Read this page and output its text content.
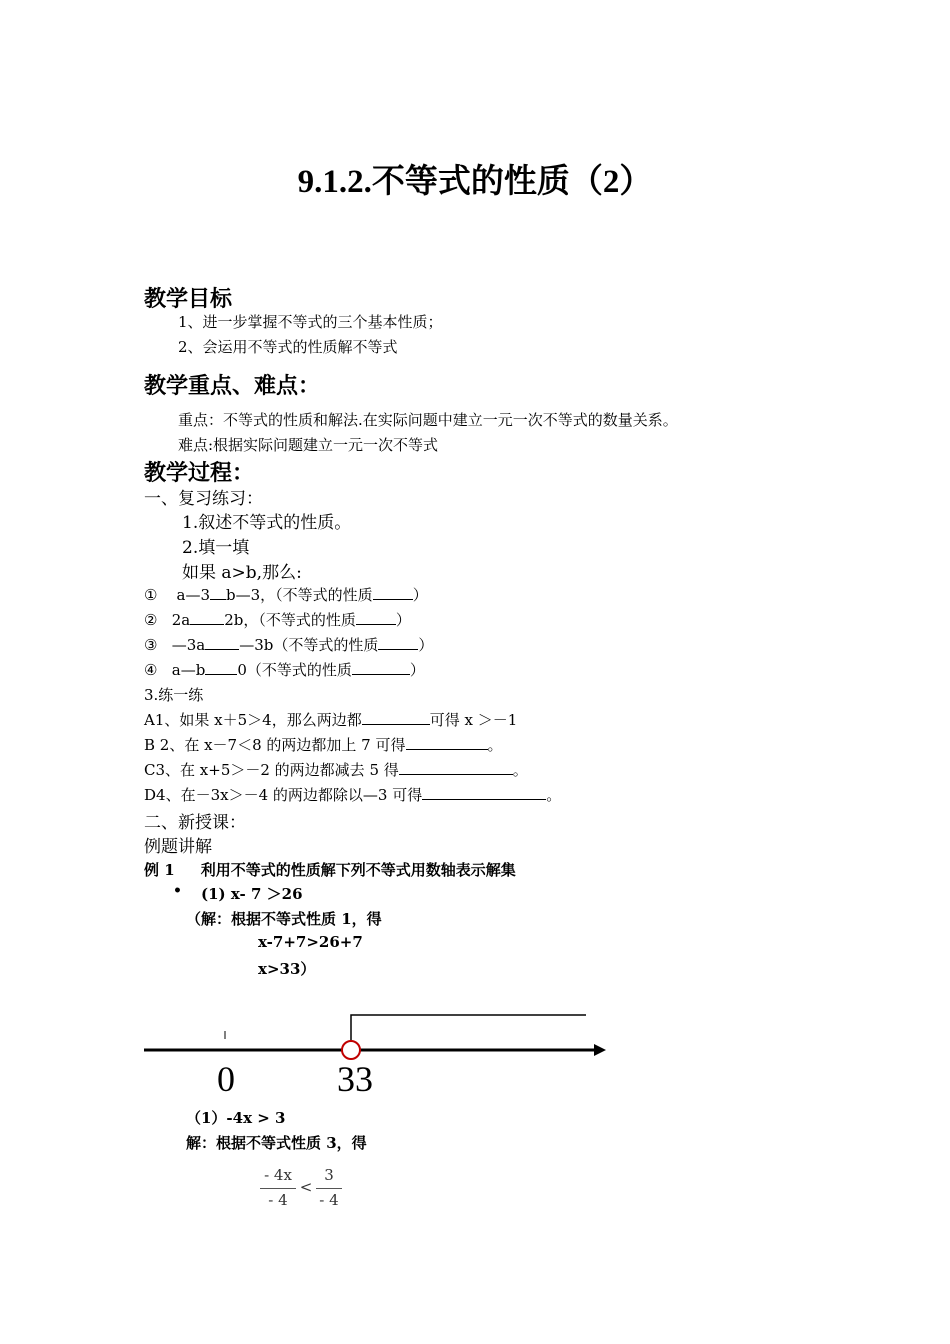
9.1.2.不等式的性质（2）
教学目标
1、进一步掌握不等式的三个基本性质；
2、会运用不等式的性质解不等式
教学重点、难点：
重点：不等式的性质和解法.在实际问题中建立一元一次不等式的数量关系。
难点:根据实际问题建立一元一次不等式
教学过程：
一、复习练习：
1.叙述不等式的性质。
2.填一填
如果 a>b,那么:
① a—3 b—3，（不等式的性质	）
② 2a 2b，（不等式的性质	）
③ —3a —3b（不等式的性质	）
④ a—b 0（不等式的性质	）
3.练一练
A1、如果 x＋5＞4，那么两边都	可得 x ＞－1
B 2、在 x－7＜8 的两边都加上 7 可得	。
C3、在 x+5＞－2 的两边都减去 5 得	。
D4、在－3x＞－4 的两边都除以—3 可得	。
二、新授课：
例题讲解
例 1 利用不等式的性质解下列不等式用数轴表示解集
• (1) x- 7 ＞26
（解：根据不等式性质 1，得
x-7+7>26+7
x>33）
0	33
（1）-4x > 3
解：根据不等式性质 3，得
- 4x
- 4
<
3
- 4
